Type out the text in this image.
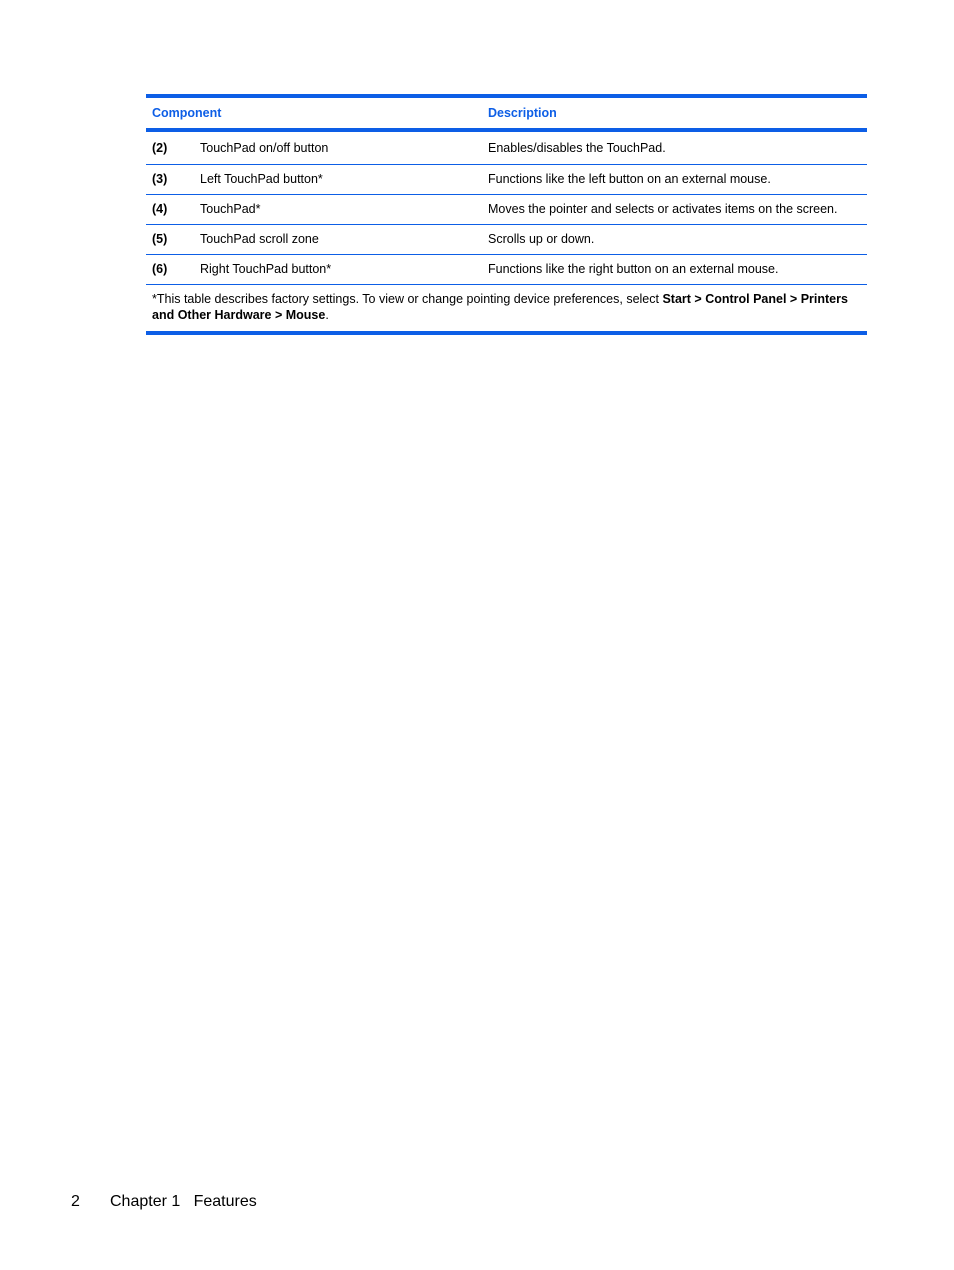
Component	Description
(2)	TouchPad on/off button	Enables/disables the TouchPad.
(3)	Left TouchPad button*	Functions like the left button on an external mouse.
(4)	TouchPad*	Moves the pointer and selects or activates items on the screen.
(5)	TouchPad scroll zone	Scrolls up or down.
(6)	Right TouchPad button*	Functions like the right button on an external mouse.
*This table describes factory settings. To view or change pointing device preferences, select Start > Control Panel > Printers and Other Hardware > Mouse.
2 Chapter 1   Features
